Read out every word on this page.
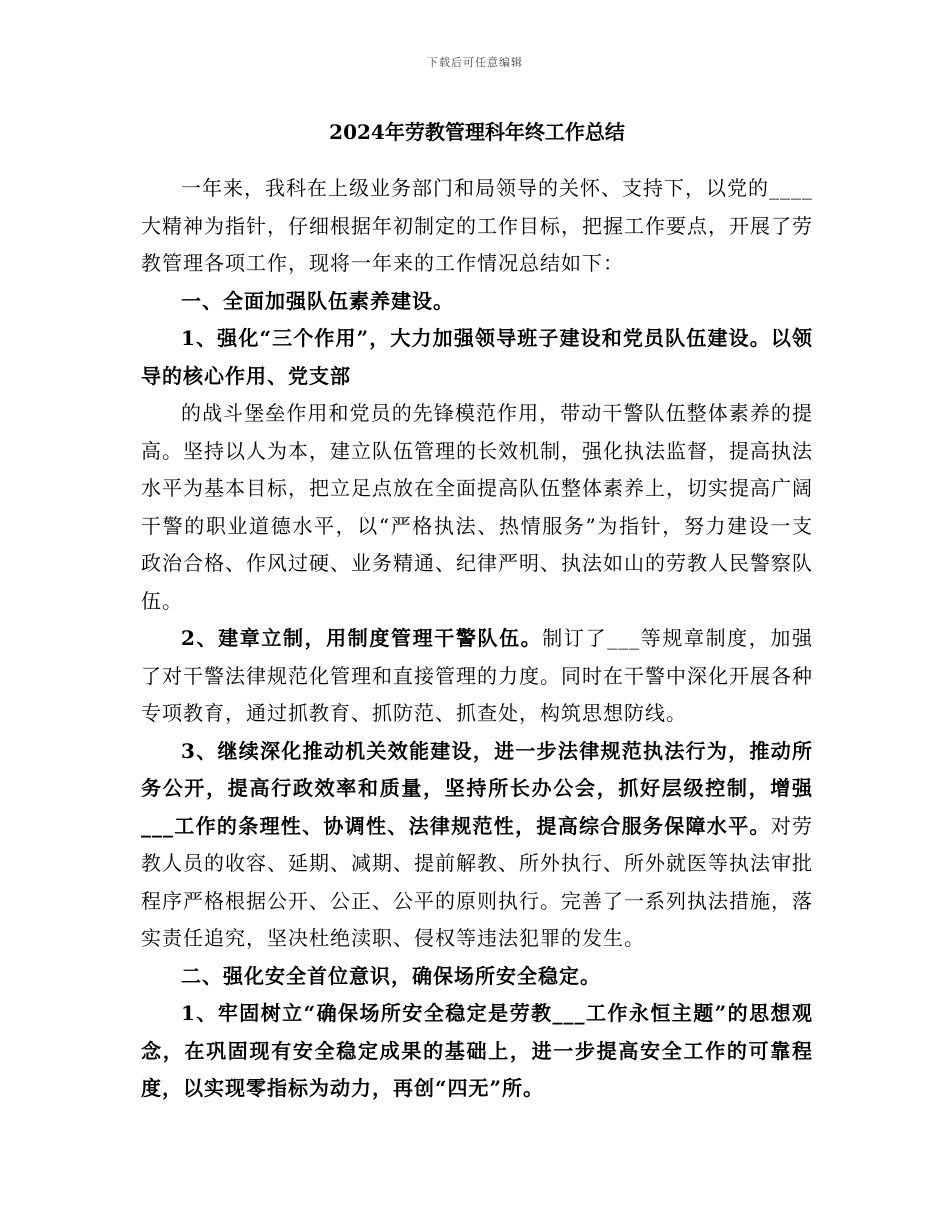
下载后可任意编辑
2024年劳教管理科年终工作总结

一年来，我科在上级业务部门和局领导的关怀、支持下，以党的____大精神为指针，仔细根据年初制定的工作目标，把握工作要点，开展了劳教管理各项工作，现将一年来的工作情况总结如下：

一、全面加强队伍素养建设。

1、强化“三个作用”，大力加强领导班子建设和党员队伍建设。以领导的核心作用、党支部

的战斗堡垒作用和党员的先锋模范作用，带动干警队伍整体素养的提高。坚持以人为本，建立队伍管理的长效机制，强化执法监督，提高执法水平为基本目标，把立足点放在全面提高队伍整体素养上，切实提高广阔干警的职业道德水平，以“严格执法、热情服务”为指针，努力建设一支政治合格、作风过硬、业务精通、纪律严明、执法如山的劳教人民警察队伍。

2、建章立制，用制度管理干警队伍。制订了___等规章制度，加强了对干警法律规范化管理和直接管理的力度。同时在干警中深化开展各种专项教育，通过抓教育、抓防范、抓查处，构筑思想防线。

3、继续深化推动机关效能建设，进一步法律规范执法行为，推动所务公开，提高行政效率和质量，坚持所长办公会，抓好层级控制，增强___工作的条理性、协调性、法律规范性，提高综合服务保障水平。对劳教人员的收容、延期、减期、提前解教、所外执行、所外就医等执法审批程序严格根据公开、公正、公平的原则执行。完善了一系列执法措施，落实责任追究，坚决杜绝渎职、侵权等违法犯罪的发生。

二、强化安全首位意识，确保场所安全稳定。

1、牢固树立“确保场所安全稳定是劳教___工作永恒主题”的思想观念，在巩固现有安全稳定成果的基础上，进一步提高安全工作的可靠程度，以实现零指标为动力，再创“四无”所。
